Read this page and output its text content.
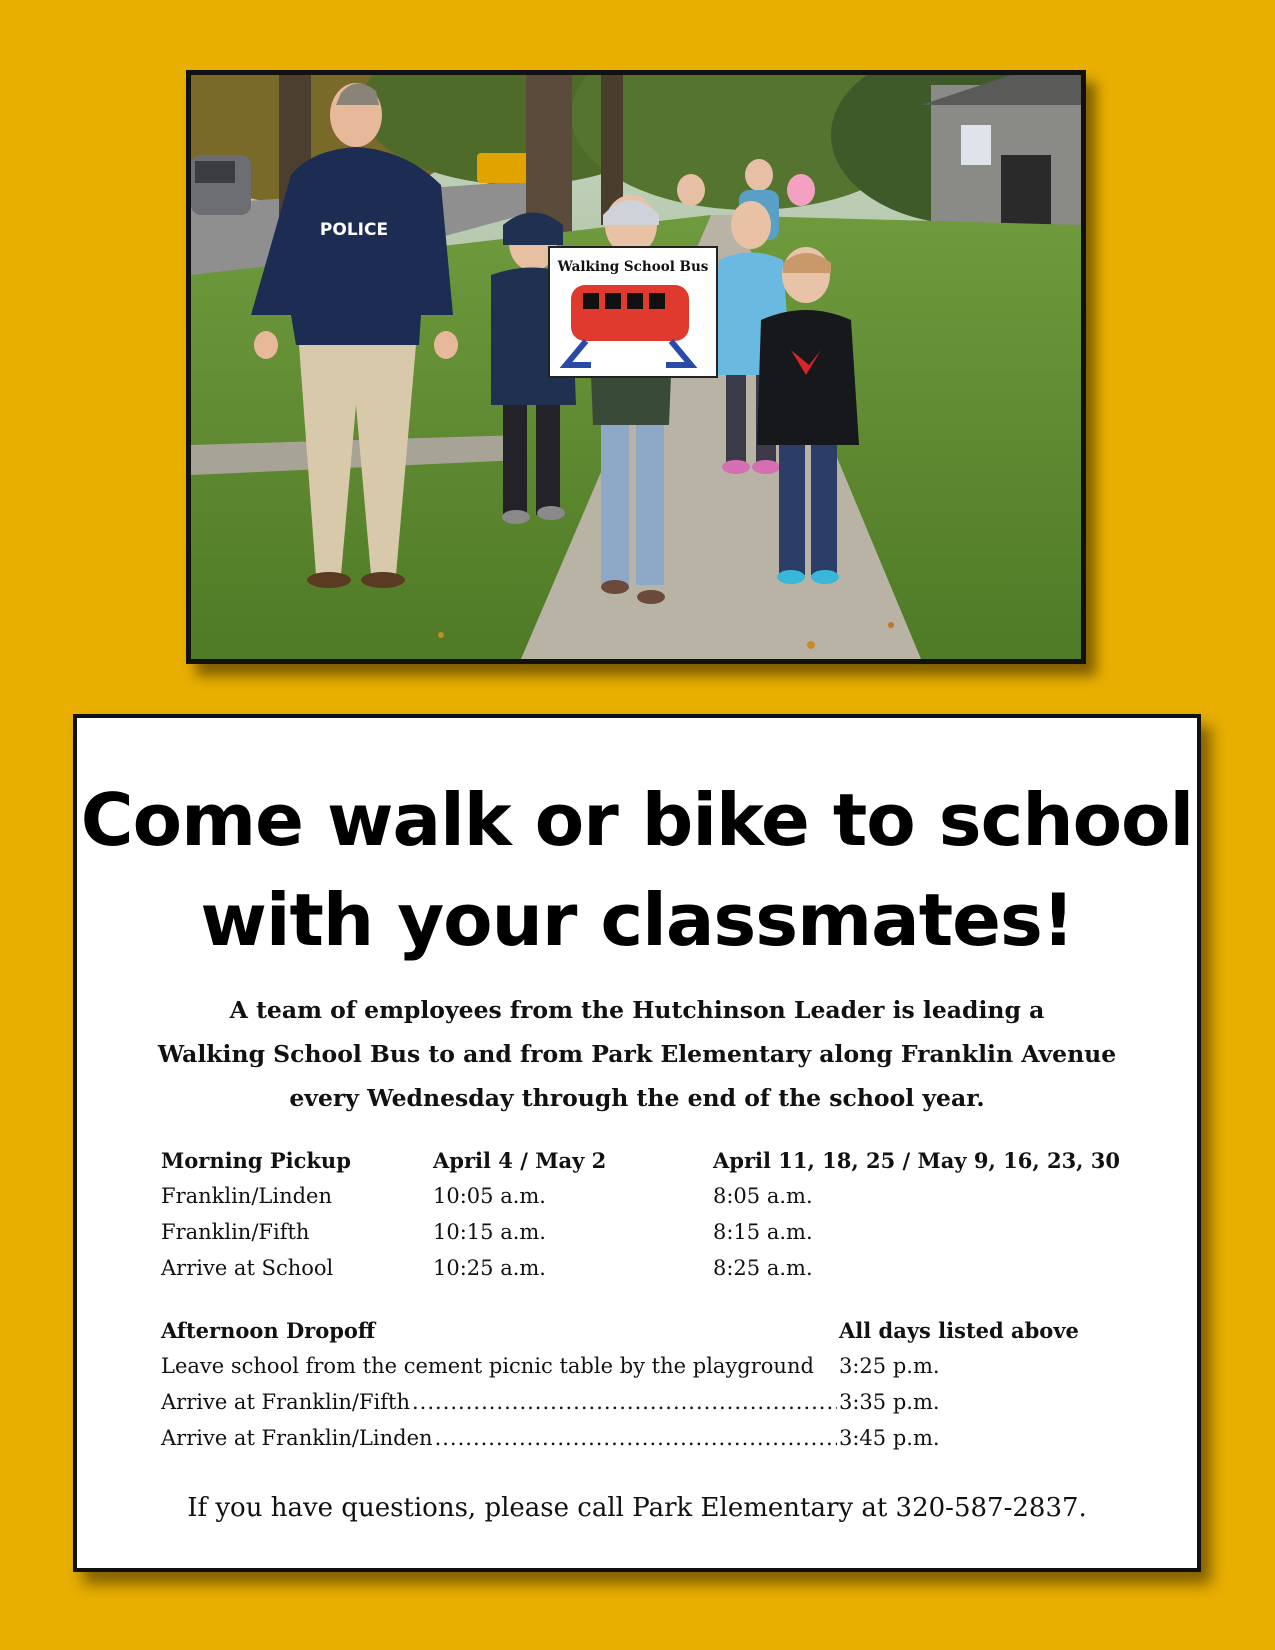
POLICE
Walking School Bus
Come walk or bike to school
with your classmates!
A team of employees from the Hutchinson Leader is leading a
Walking School Bus to and from Park Elementary along Franklin Avenue
every Wednesday through the end of the school year.
Morning Pickup	April 4 / May 2	April 11, 18, 25 / May 9, 16, 23, 30
Franklin/Linden	10:05 a.m.	8:05 a.m.
Franklin/Fifth	10:15 a.m.	8:15 a.m.
Arrive at School	10:25 a.m.	8:25 a.m.
Afternoon Dropoff	All days listed above
Leave school from the cement picnic table by the playground 3:25 p.m.
Arrive at Franklin/Fifth .....	3:35 p.m.
Arrive at Franklin/Linden .....	3:45 p.m.
If you have questions, please call Park Elementary at 320-587-2837.
